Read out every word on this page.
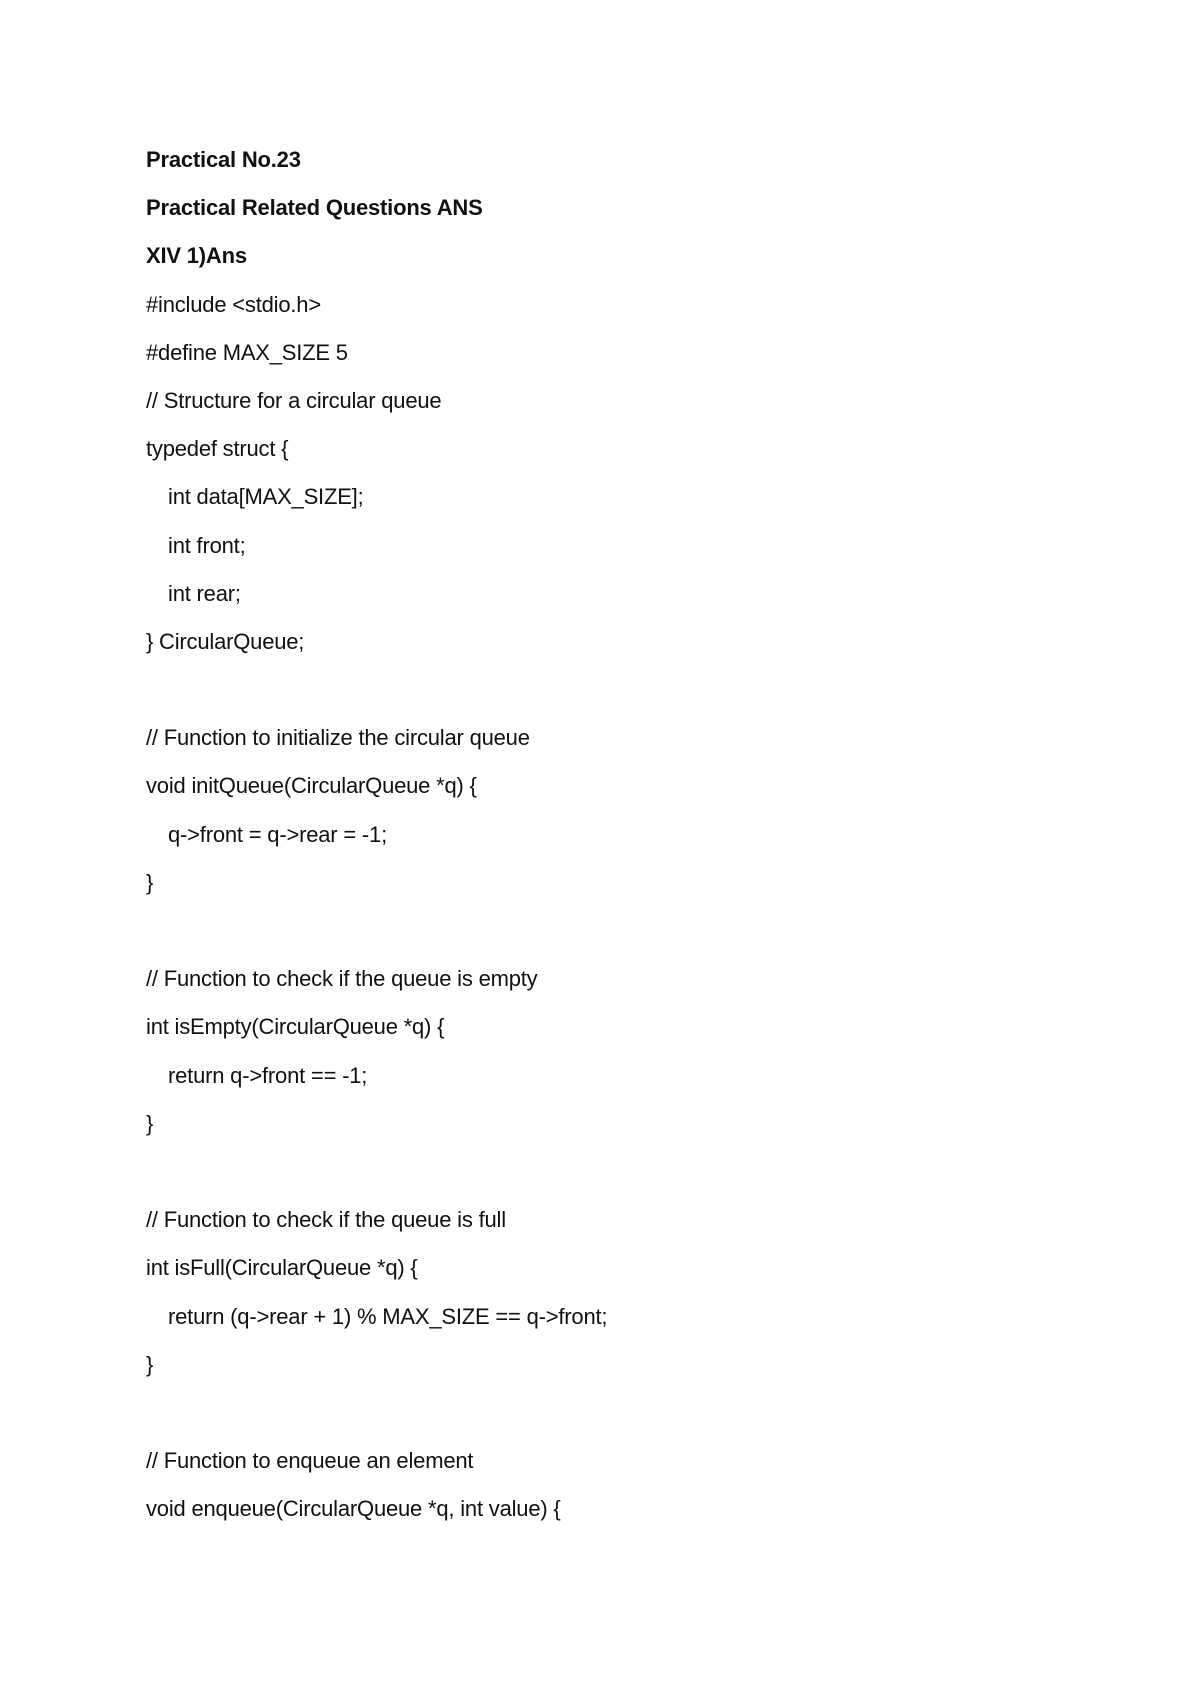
Practical No.23
Practical Related Questions ANS
XIV 1)Ans
#include <stdio.h>
#define MAX_SIZE 5
// Structure for a circular queue
typedef struct {
int data[MAX_SIZE];
int front;
int rear;
} CircularQueue;
// Function to initialize the circular queue
void initQueue(CircularQueue *q) {
q->front = q->rear = -1;
}
// Function to check if the queue is empty
int isEmpty(CircularQueue *q) {
return q->front == -1;
}
// Function to check if the queue is full
int isFull(CircularQueue *q) {
return (q->rear + 1) % MAX_SIZE == q->front;
}
// Function to enqueue an element
void enqueue(CircularQueue *q, int value) {
